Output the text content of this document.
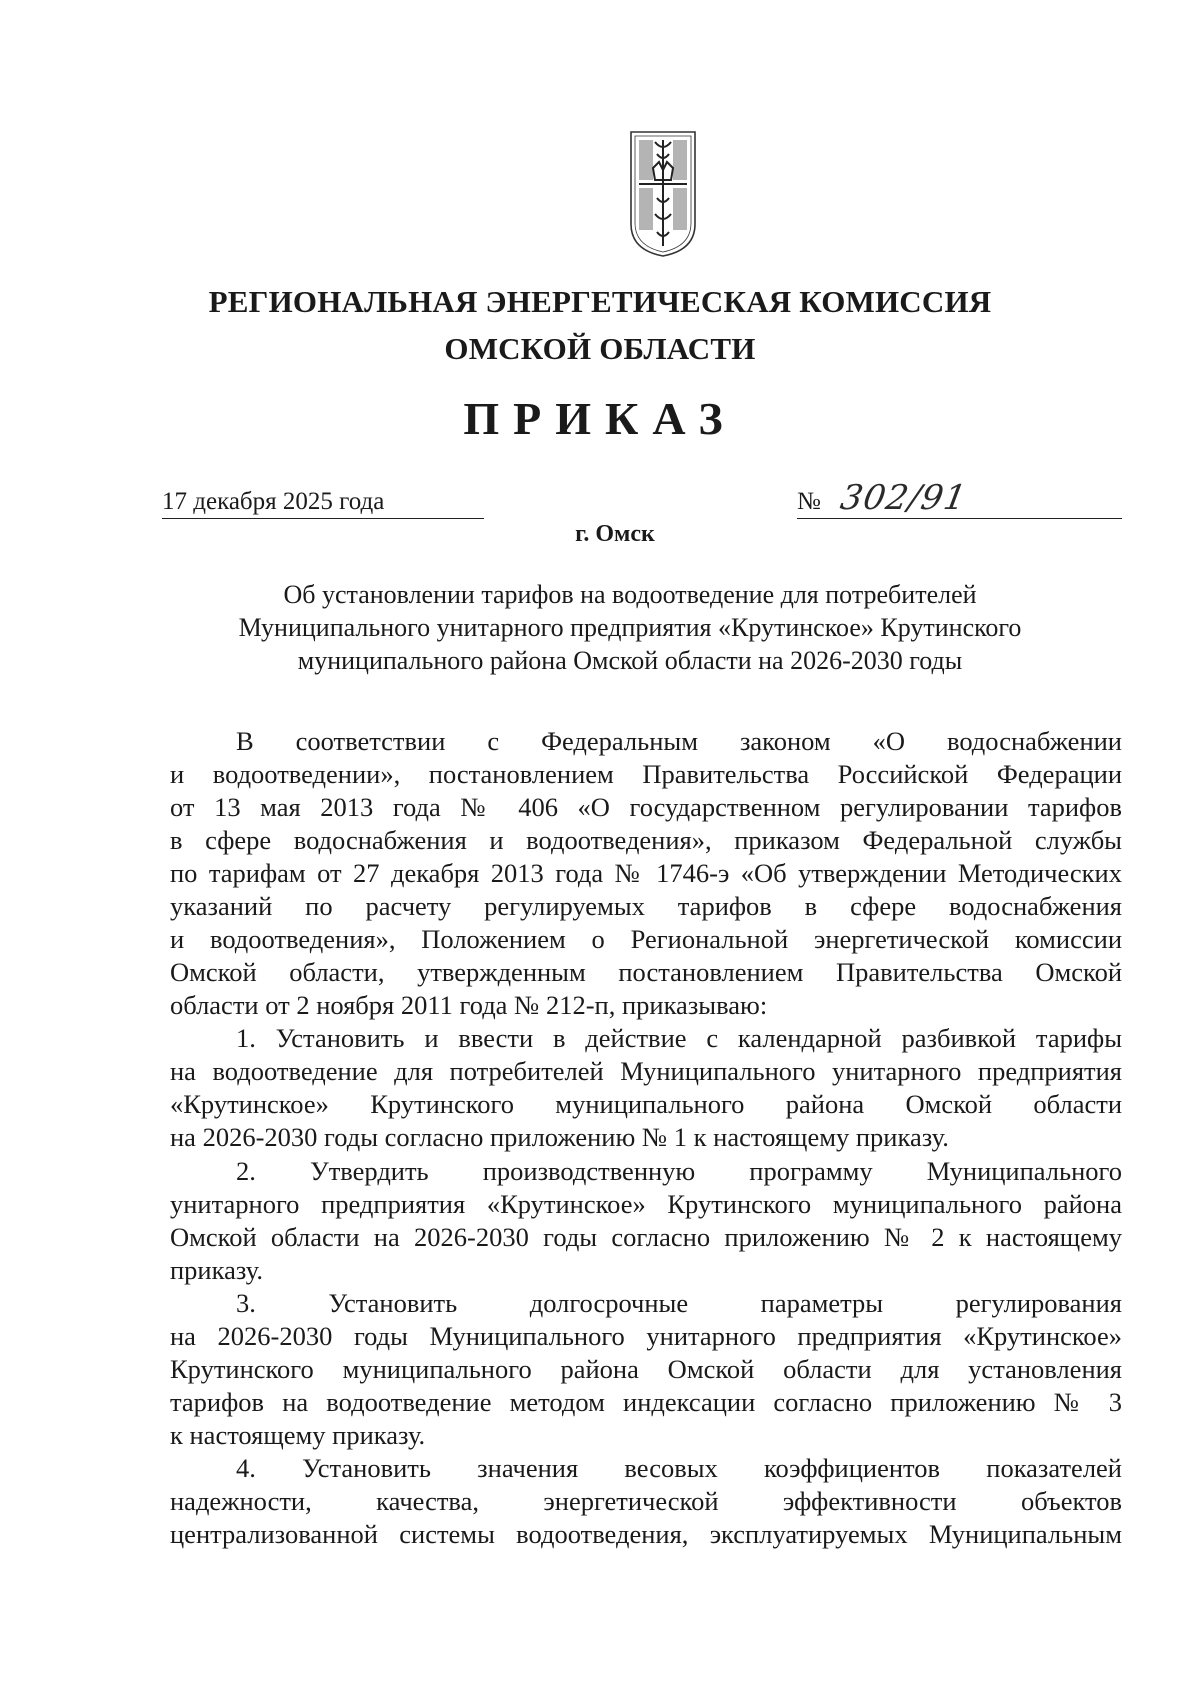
РЕГИОНАЛЬНАЯ ЭНЕРГЕТИЧЕСКАЯ КОМИССИЯ
ОМСКОЙ ОБЛАСТИ
ПРИКАЗ
17 декабря 2025 года	№ 302/91
г. Омск
Об установлении тарифов на водоотведение для потребителей
Муниципального унитарного предприятия «Крутинское» Крутинского
муниципального района Омской области на 2026-2030 годы
В соответствии с Федеральным законом «О водоснабжении
и водоотведении», постановлением Правительства Российской Федерации
от 13 мая 2013 года № 406 «О государственном регулировании тарифов
в сфере водоснабжения и водоотведения», приказом Федеральной службы
по тарифам от 27 декабря 2013 года № 1746-э «Об утверждении Методических
указаний по расчету регулируемых тарифов в сфере водоснабжения
и водоотведения», Положением о Региональной энергетической комиссии
Омской области, утвержденным постановлением Правительства Омской
области от 2 ноября 2011 года № 212-п, приказываю:
1. Установить и ввести в действие с календарной разбивкой тарифы
на водоотведение для потребителей Муниципального унитарного предприятия
«Крутинское» Крутинского муниципального района Омской области
на 2026-2030 годы согласно приложению № 1 к настоящему приказу.
2. Утвердить производственную программу Муниципального
унитарного предприятия «Крутинское» Крутинского муниципального района
Омской области на 2026-2030 годы согласно приложению № 2 к настоящему
приказу.
3. Установить долгосрочные параметры регулирования
на 2026-2030 годы Муниципального унитарного предприятия «Крутинское»
Крутинского муниципального района Омской области для установления
тарифов на водоотведение методом индексации согласно приложению № 3
к настоящему приказу.
4. Установить значения весовых коэффициентов показателей
надежности, качества, энергетической эффективности объектов
централизованной системы водоотведения, эксплуатируемых Муниципальным
